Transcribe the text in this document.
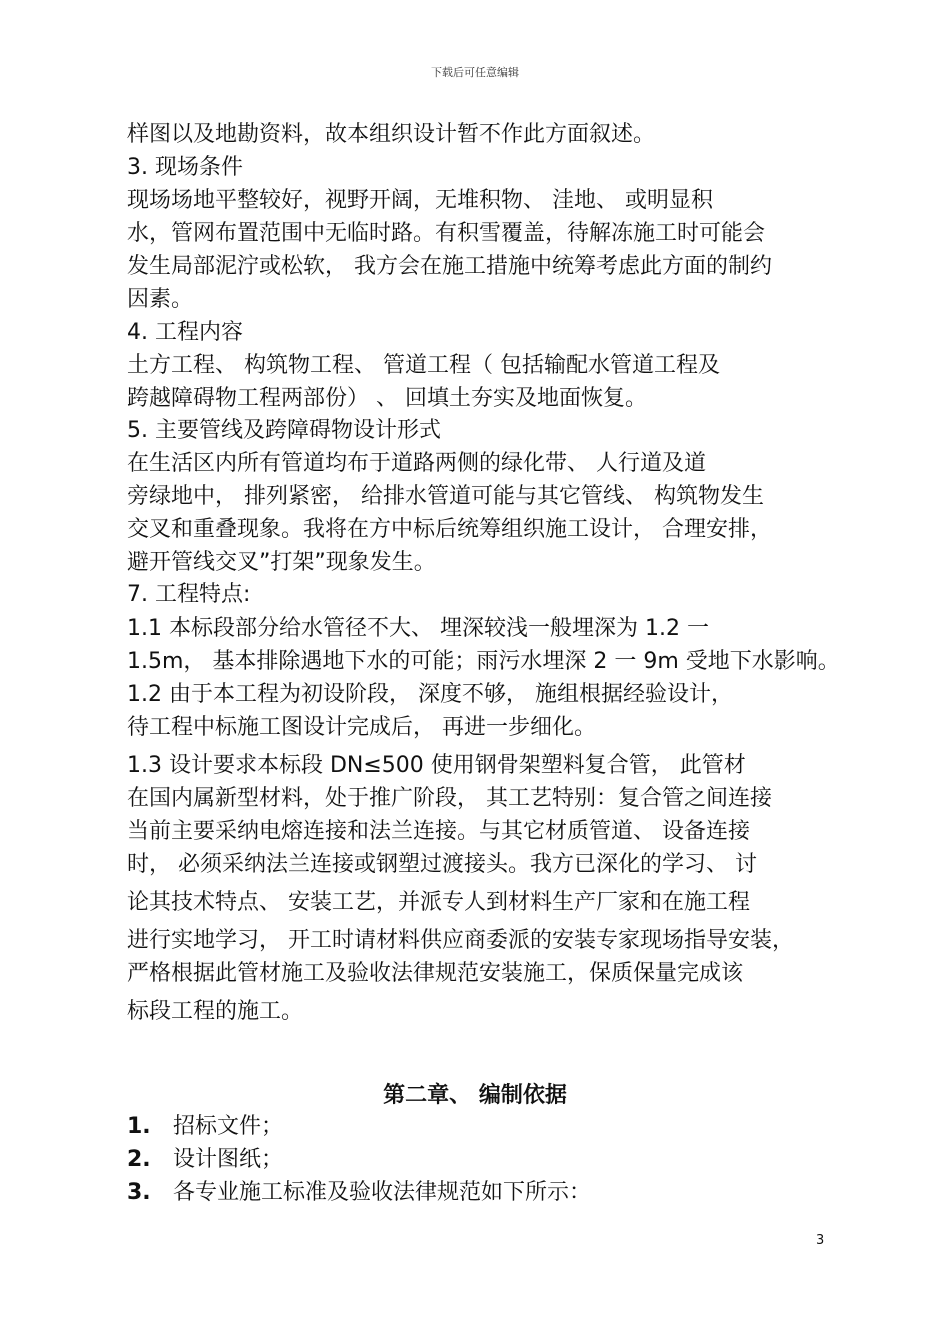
下载后可任意编辑
样图以及地勘资料，故本组织设计暂不作此方面叙述。
3. 现场条件
现场场地平整较好，视野开阔，无堆积物、 洼地、 或明显积
水，管网布置范围中无临时路。有积雪覆盖，待解冻施工时可能会
发生局部泥泞或松软， 我方会在施工措施中统筹考虑此方面的制约
因素。
4. 工程内容
土方工程、 构筑物工程、 管道工程（ 包括输配水管道工程及
跨越障碍物工程两部份） 、 回填土夯实及地面恢复。
5. 主要管线及跨障碍物设计形式
在生活区内所有管道均布于道路两侧的绿化带、 人行道及道
旁绿地中， 排列紧密， 给排水管道可能与其它管线、 构筑物发生
交叉和重叠现象。我将在方中标后统筹组织施工设计， 合理安排，
避开管线交叉”打架”现象发生。
7. 工程特点:
1.1 本标段部分给水管径不大、 埋深较浅一般埋深为 1.2 一
1.5m， 基本排除遇地下水的可能；雨污水埋深 2 一 9m 受地下水影响。
1.2 由于本工程为初设阶段， 深度不够， 施组根据经验设计，
待工程中标施工图设计完成后， 再进一步细化。
1.3 设计要求本标段 DN≤500 使用钢骨架塑料复合管， 此管材
在国内属新型材料，处于推广阶段， 其工艺特别：复合管之间连接
当前主要采纳电熔连接和法兰连接。与其它材质管道、 设备连接
时， 必须采纳法兰连接或钢塑过渡接头。我方已深化的学习、 讨
论其技术特点、 安装工艺，并派专人到材料生产厂家和在施工程
进行实地学习， 开工时请材料供应商委派的安装专家现场指导安装，
严格根据此管材施工及验收法律规范安装施工，保质保量完成该
标段工程的施工。
第二章、 编制依据
1. 招标文件；
2. 设计图纸；
3. 各专业施工标准及验收法律规范如下所示：
3
